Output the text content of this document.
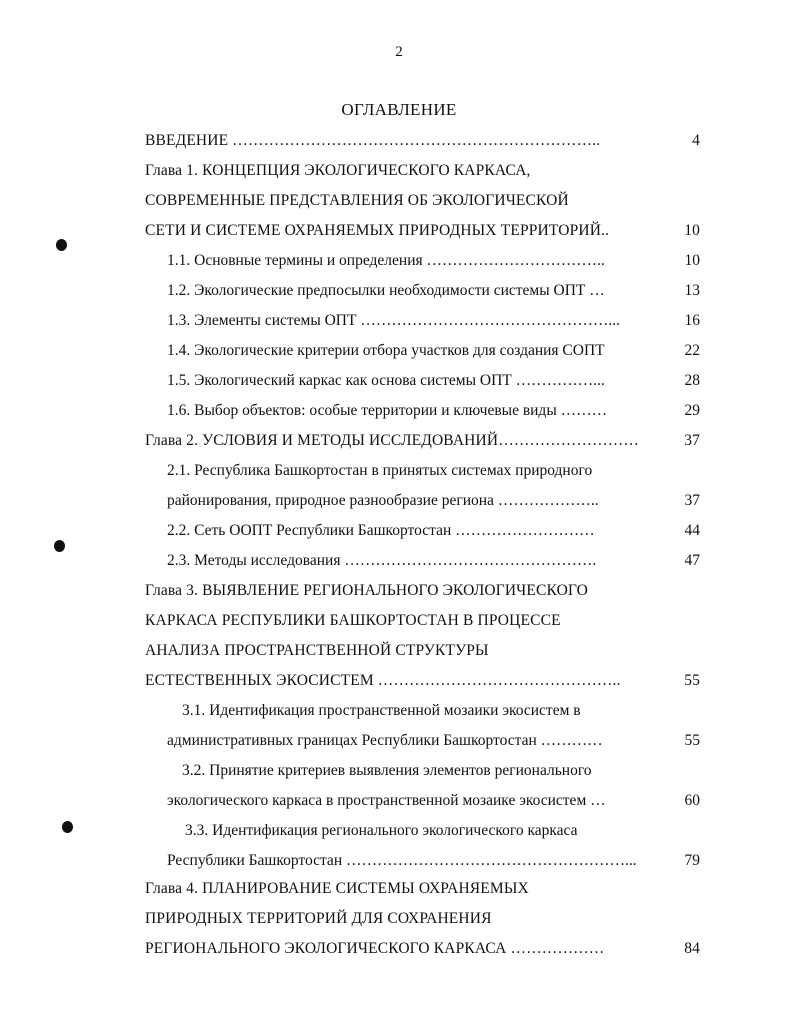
2
ОГЛАВЛЕНИЕ
ВВЕДЕНИЕ ……………………………………………………………..	4
Глава 1. КОНЦЕПЦИЯ ЭКОЛОГИЧЕСКОГО КАРКАСА,
СОВРЕМЕННЫЕ ПРЕДСТАВЛЕНИЯ ОБ ЭКОЛОГИЧЕСКОЙ
СЕТИ И СИСТЕМЕ ОХРАНЯЕМЫХ ПРИРОДНЫХ ТЕРРИТОРИЙ..	10
1.1. Основные термины и определения ……………………………..	10
1.2. Экологические предпосылки необходимости системы ОПТ …	13
1.3. Элементы системы ОПТ …………………………………………...	16
1.4. Экологические критерии отбора участков для создания СОПТ	22
1.5. Экологический каркас как основа системы ОПТ ……………...	28
1.6. Выбор объектов: особые территории и ключевые виды ………	29
Глава 2. УСЛОВИЯ И МЕТОДЫ ИССЛЕДОВАНИЙ………………………	37
2.1. Республика Башкортостан в принятых системах природного
районирования, природное разнообразие региона ………………..	37
2.2. Сеть ООПТ Республики Башкортостан ………………………	44
2.3. Методы исследования ………………………………………….	47
Глава 3. ВЫЯВЛЕНИЕ РЕГИОНАЛЬНОГО ЭКОЛОГИЧЕСКОГО
КАРКАСА РЕСПУБЛИКИ БАШКОРТОСТАН В ПРОЦЕССЕ
АНАЛИЗА ПРОСТРАНСТВЕННОЙ СТРУКТУРЫ
ЕСТЕСТВЕННЫХ ЭКОСИСТЕМ ………………………………………..	55
3.1. Идентификация пространственной мозаики экосистем в
административных границах Республики Башкортостан …………	55
3.2. Принятие критериев выявления элементов регионального
экологического каркаса в пространственной мозаике экосистем …	60
3.3. Идентификация регионального экологического каркаса
Республики Башкортостан ………………………………………………...	79
Глава 4. ПЛАНИРОВАНИЕ СИСТЕМЫ ОХРАНЯЕМЫХ
ПРИРОДНЫХ ТЕРРИТОРИЙ ДЛЯ СОХРАНЕНИЯ
РЕГИОНАЛЬНОГО ЭКОЛОГИЧЕСКОГО КАРКАСА ………………	84
